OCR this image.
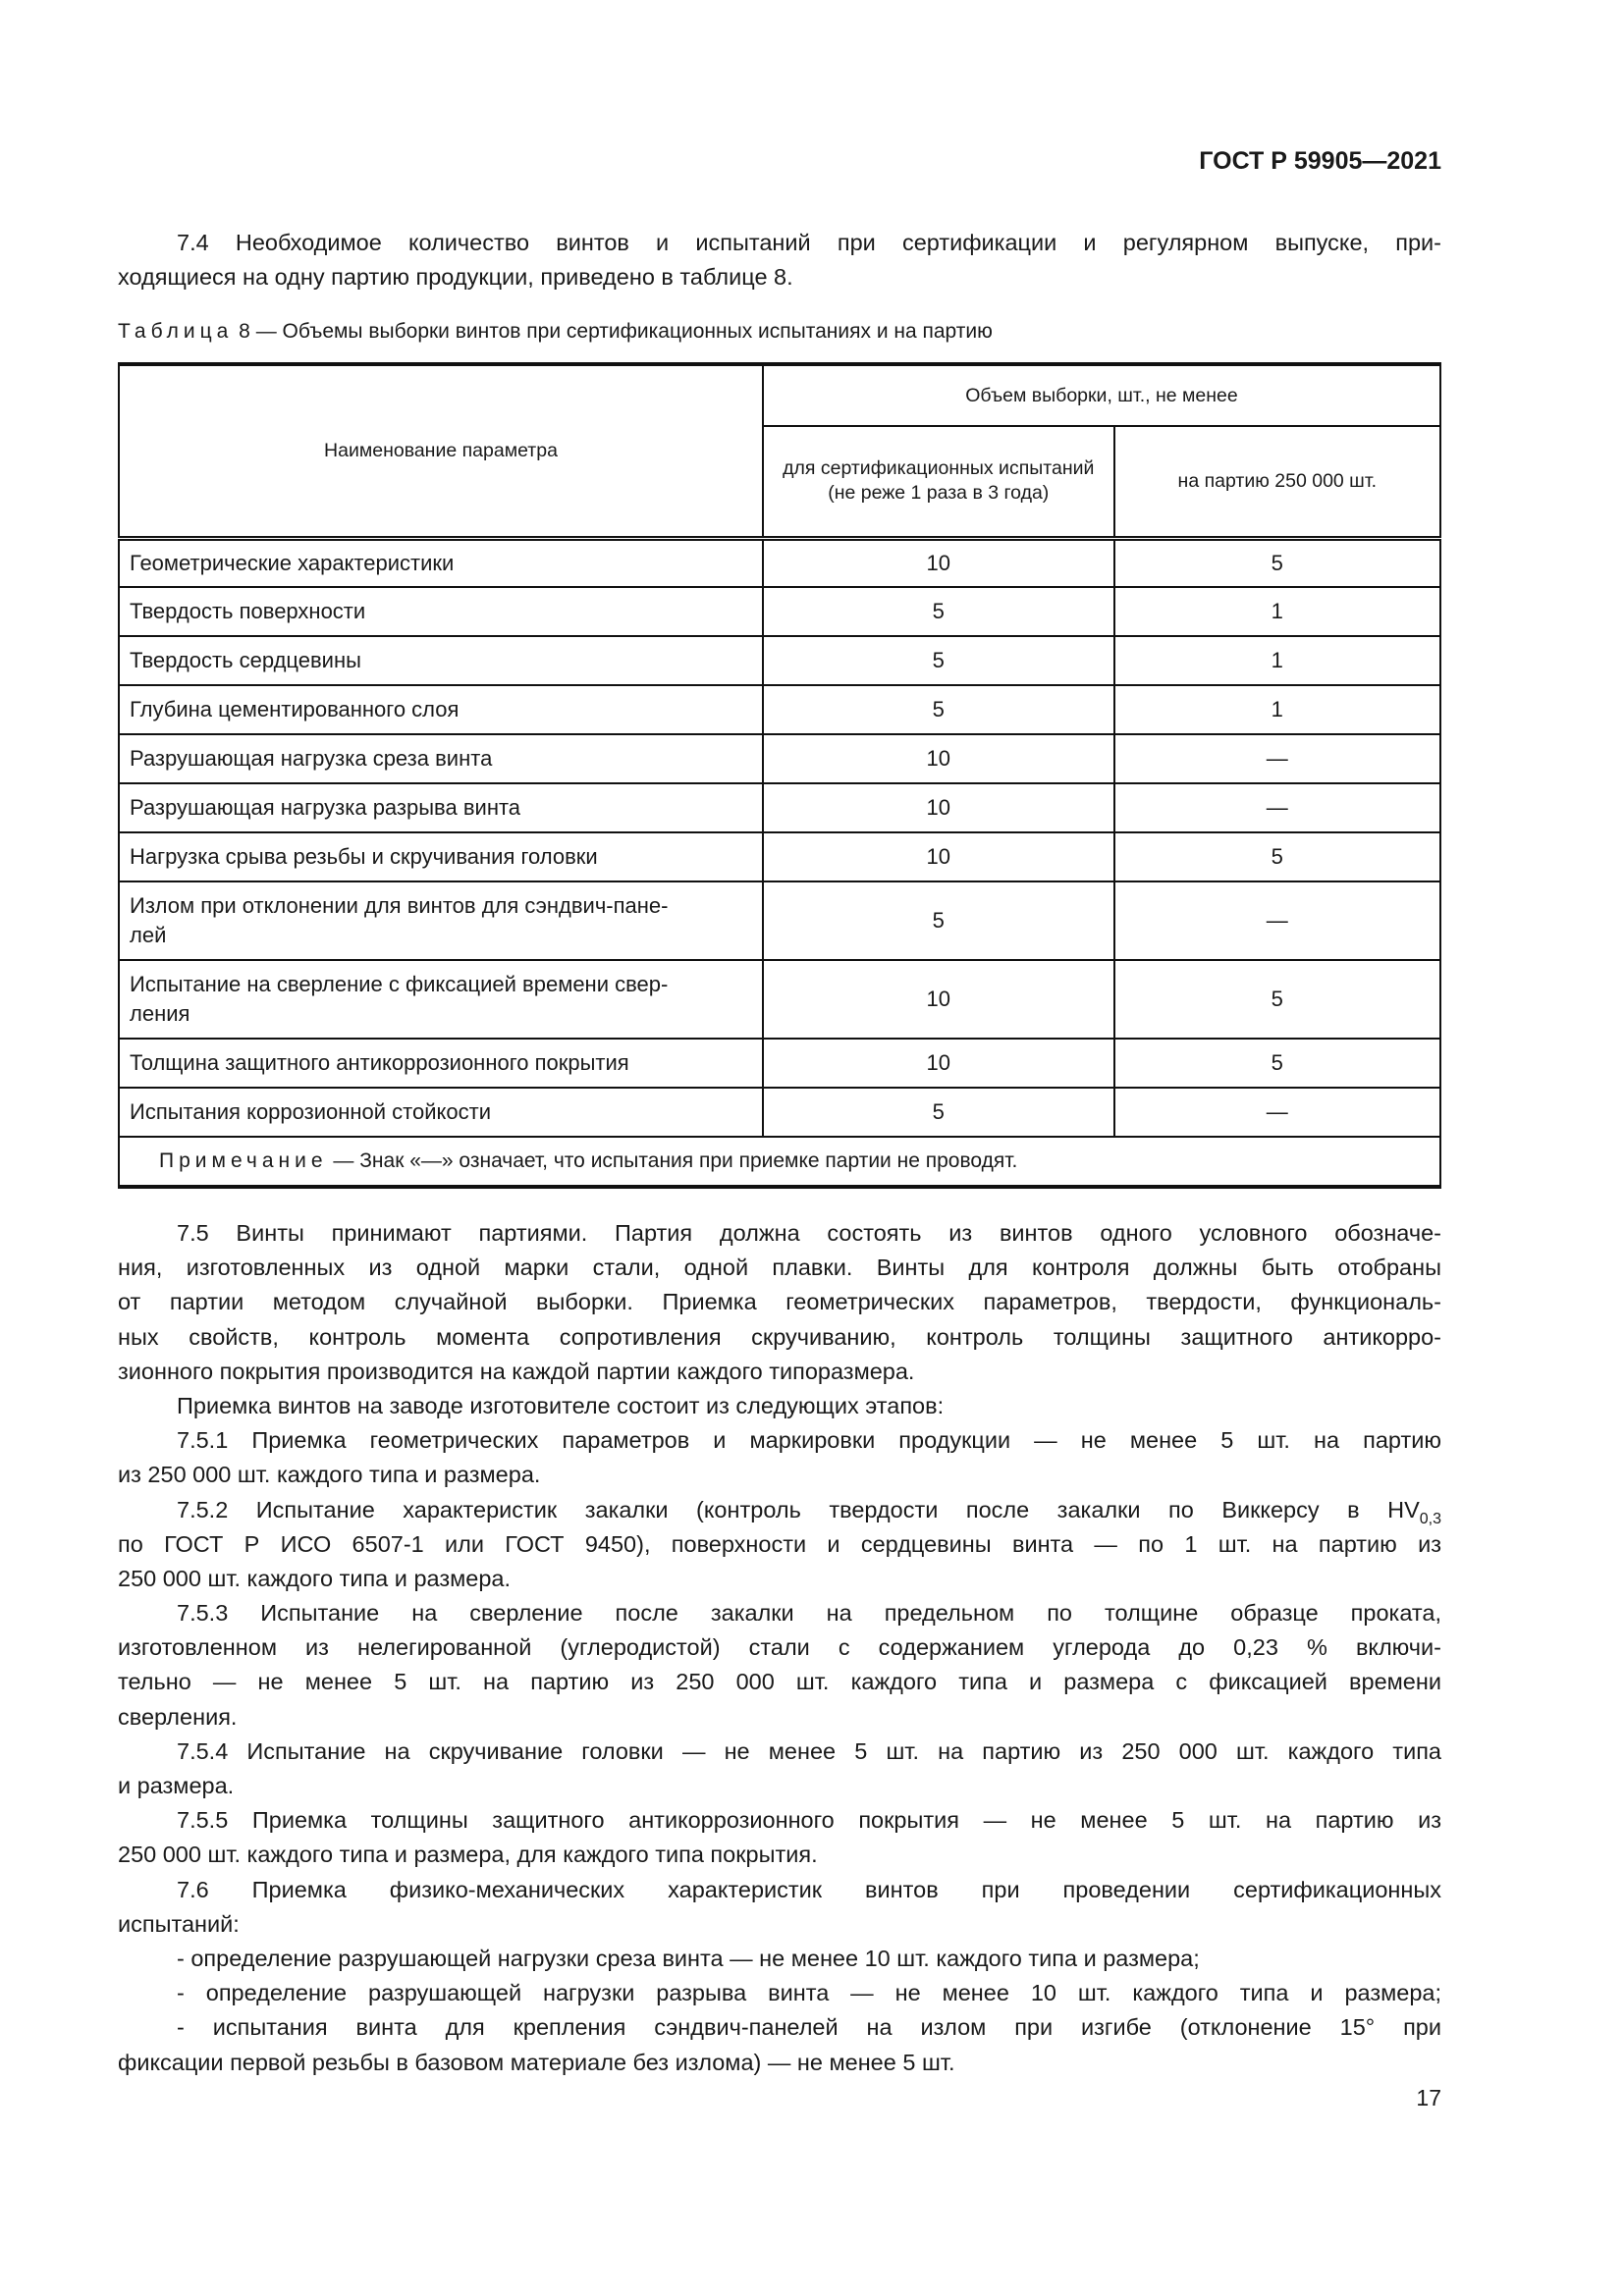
ГОСТ Р 59905—2021
7.4 Необходимое количество винтов и испытаний при сертификации и регулярном выпуске, при-
ходящиеся на одну партию продукции, приведено в таблице 8.
Таблица 8 — Объемы выборки винтов при сертификационных испытаниях и на партию
Наименование параметра	Объем выборки, шт., не менее	
	для сертификационных испытаний (не реже 1 раза в 3 года)	на партию 250 000 шт.
Геометрические характеристики	10	5
Твердость поверхности	5	1
Твердость сердцевины	5	1
Глубина цементированного слоя	5	1
Разрушающая нагрузка среза винта	10	—
Разрушающая нагрузка разрыва винта	10	—
Нагрузка срыва резьбы и скручивания головки	10	5
Излом при отклонении для винтов для сэндвич-пане-
лей	5	—
Испытание на сверление с фиксацией времени свер-
ления	10	5
Толщина защитного антикоррозионного покрытия	10	5
Испытания коррозионной стойкости	5	—
Примечание — Знак «—» означает, что испытания при приемке партии не проводят.		
7.5 Винты принимают партиями. Партия должна состоять из винтов одного условного обозначе-
ния, изготовленных из одной марки стали, одной плавки. Винты для контроля должны быть отобраны
от партии методом случайной выборки. Приемка геометрических параметров, твердости, функциональ-
ных свойств, контроль момента сопротивления скручиванию, контроль толщины защитного антикорро-
зионного покрытия производится на каждой партии каждого типоразмера.
Приемка винтов на заводе изготовителе состоит из следующих этапов:
7.5.1 Приемка геометрических параметров и маркировки продукции — не менее 5 шт. на партию
из 250 000 шт. каждого типа и размера.
7.5.2 Испытание характеристик закалки (контроль твердости после закалки по Виккерсу в $HV_{0,3}$
по ГОСТ Р ИСО 6507-1 или ГОСТ 9450), поверхности и сердцевины винта — по 1 шт. на партию из
250 000 шт. каждого типа и размера.
7.5.3 Испытание на сверление после закалки на предельном по толщине образце проката,
изготовленном из нелегированной (углеродистой) стали с содержанием углерода до 0,23 % включи-
тельно — не менее 5 шт. на партию из 250 000 шт. каждого типа и размера с фиксацией времени
сверления.
7.5.4 Испытание на скручивание головки — не менее 5 шт. на партию из 250 000 шт. каждого типа
и размера.
7.5.5 Приемка толщины защитного антикоррозионного покрытия — не менее 5 шт. на партию из
250 000 шт. каждого типа и размера, для каждого типа покрытия.
7.6 Приемка физико-механических характеристик винтов при проведении сертификационных
испытаний:
- определение разрушающей нагрузки среза винта — не менее 10 шт. каждого типа и размера;
- определение разрушающей нагрузки разрыва винта — не менее 10 шт. каждого типа и размера;
- испытания винта для крепления сэндвич-панелей на излом при изгибе (отклонение 15° при
фиксации первой резьбы в базовом материале без излома) — не менее 5 шт.
17
